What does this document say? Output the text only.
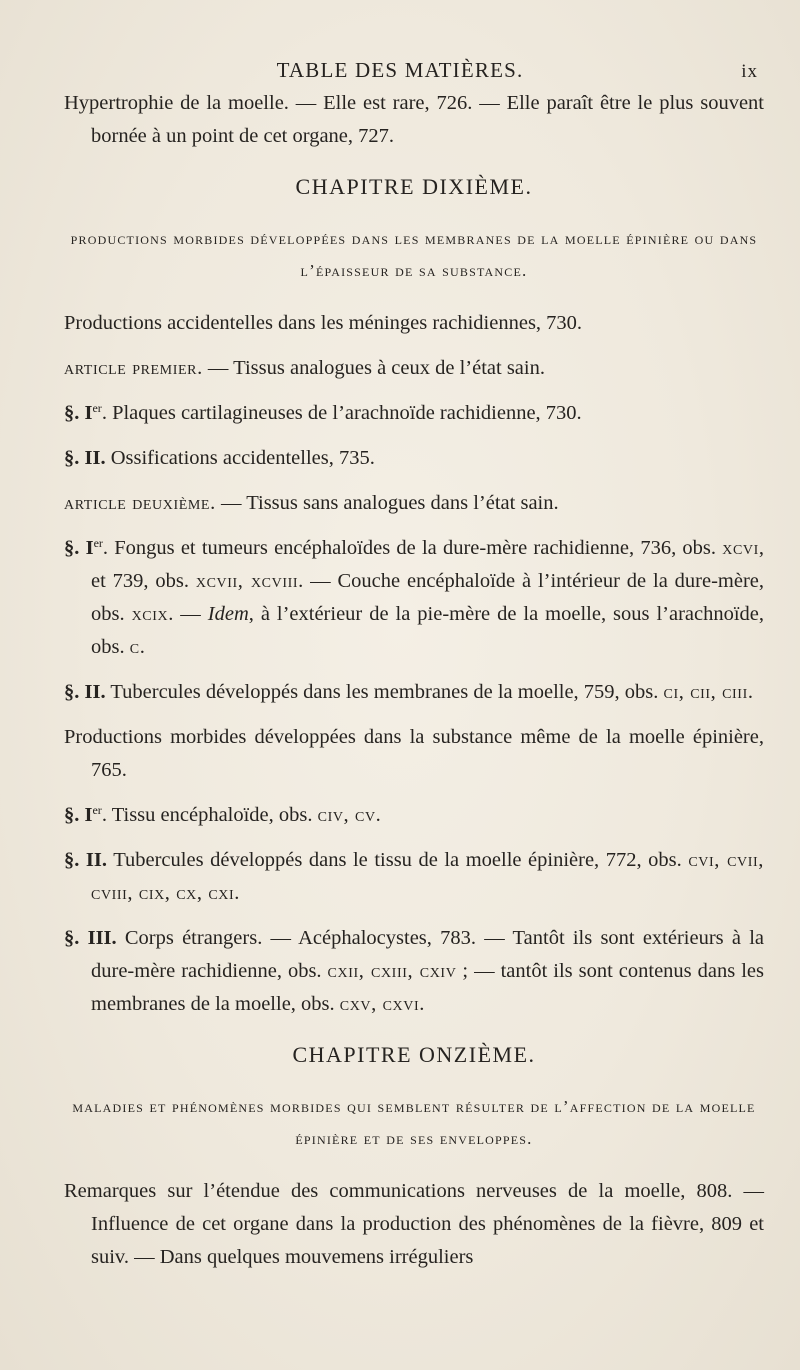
TABLE DES MATIÈRES.	ix

Hypertrophie de la moelle. — Elle est rare, 726. — Elle paraît être le plus souvent bornée à un point de cet organe, 727.

CHAPITRE DIXIÈME.
productions morbides développées dans les membranes de la moelle épinière ou dans l’épaisseur de sa substance.

Productions accidentelles dans les méninges rachidiennes, 730.

article premier. — Tissus analogues à ceux de l’état sain.

§. Ier. Plaques cartilagineuses de l’arachnoïde rachidienne, 730.

§. II. Ossifications accidentelles, 735.

article deuxième. — Tissus sans analogues dans l’état sain.

§. Ier. Fongus et tumeurs encéphaloïdes de la dure-mère rachidienne, 736, obs. xcvi, et 739, obs. xcvii, xcviii. — Couche encéphaloïde à l’intérieur de la dure-mère, obs. xcix. — Idem, à l’extérieur de la pie-mère de la moelle, sous l’arachnoïde, obs. c.

§. II. Tubercules développés dans les membranes de la moelle, 759, obs. ci, cii, ciii.

Productions morbides développées dans la substance même de la moelle épinière, 765.

§. Ier. Tissu encéphaloïde, obs. civ, cv.

§. II. Tubercules développés dans le tissu de la moelle épinière, 772, obs. cvi, cvii, cviii, cix, cx, cxi.

§. III. Corps étrangers. — Acéphalocystes, 783. — Tantôt ils sont extérieurs à la dure-mère rachidienne, obs. cxii, cxiii, cxiv ; — tantôt ils sont contenus dans les membranes de la moelle, obs. cxv, cxvi.

CHAPITRE ONZIÈME.
maladies et phénomènes morbides qui semblent résulter de l’affection de la moelle épinière et de ses enveloppes.

Remarques sur l’étendue des communications nerveuses de la moelle, 808. — Influence de cet organe dans la production des phénomènes de la fièvre, 809 et suiv. — Dans quelques mouvemens irréguliers
